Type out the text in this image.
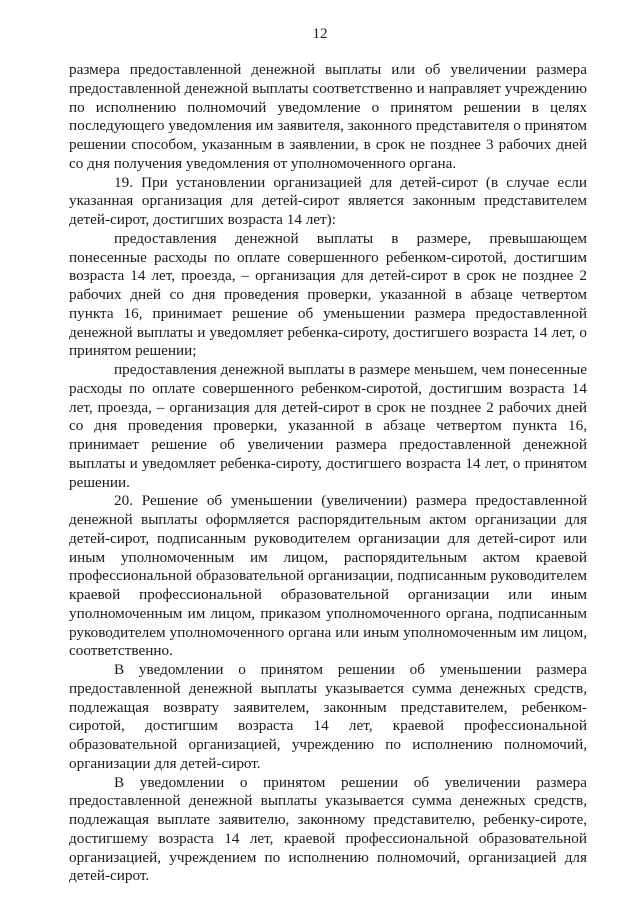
12

размера предоставленной денежной выплаты или об увеличении размера предоставленной денежной выплаты соответственно и направляет учреждению по исполнению полномочий уведомление о принятом решении в целях последующего уведомления им заявителя, законного представителя о принятом решении способом, указанным в заявлении, в срок не позднее 3 рабочих дней со дня получения уведомления от уполномоченного органа.

19. При установлении организацией для детей-сирот (в случае если указанная организация для детей-сирот является законным представителем детей-сирот, достигших возраста 14 лет):

предоставления денежной выплаты в размере, превышающем понесенные расходы по оплате совершенного ребенком-сиротой, достигшим возраста 14 лет, проезда, – организация для детей-сирот в срок не позднее 2 рабочих дней со дня проведения проверки, указанной в абзаце четвертом пункта 16, принимает решение об уменьшении размера предоставленной денежной выплаты и уведомляет ребенка-сироту, достигшего возраста 14 лет, о принятом решении;

предоставления денежной выплаты в размере меньшем, чем понесенные расходы по оплате совершенного ребенком-сиротой, достигшим возраста 14 лет, проезда, – организация для детей-сирот в срок не позднее 2 рабочих дней со дня проведения проверки, указанной в абзаце четвертом пункта 16, принимает решение об увеличении размера предоставленной денежной выплаты и уведомляет ребенка-сироту, достигшего возраста 14 лет, о принятом решении.

20. Решение об уменьшении (увеличении) размера предоставленной денежной выплаты оформляется распорядительным актом организации для детей-сирот, подписанным руководителем организации для детей-сирот или иным уполномоченным им лицом, распорядительным актом краевой профессиональной образовательной организации, подписанным руководителем краевой профессиональной образовательной организации или иным уполномоченным им лицом, приказом уполномоченного органа, подписанным руководителем уполномоченного органа или иным уполномоченным им лицом, соответственно.

В уведомлении о принятом решении об уменьшении размера предоставленной денежной выплаты указывается сумма денежных средств, подлежащая возврату заявителем, законным представителем, ребенком-сиротой, достигшим возраста 14 лет, краевой профессиональной образовательной организацией, учреждению по исполнению полномочий, организации для детей-сирот.

В уведомлении о принятом решении об увеличении размера предоставленной денежной выплаты указывается сумма денежных средств, подлежащая выплате заявителю, законному представителю, ребенку-сироте, достигшему возраста 14 лет, краевой профессиональной образовательной организацией, учреждением по исполнению полномочий, организацией для детей-сирот.
